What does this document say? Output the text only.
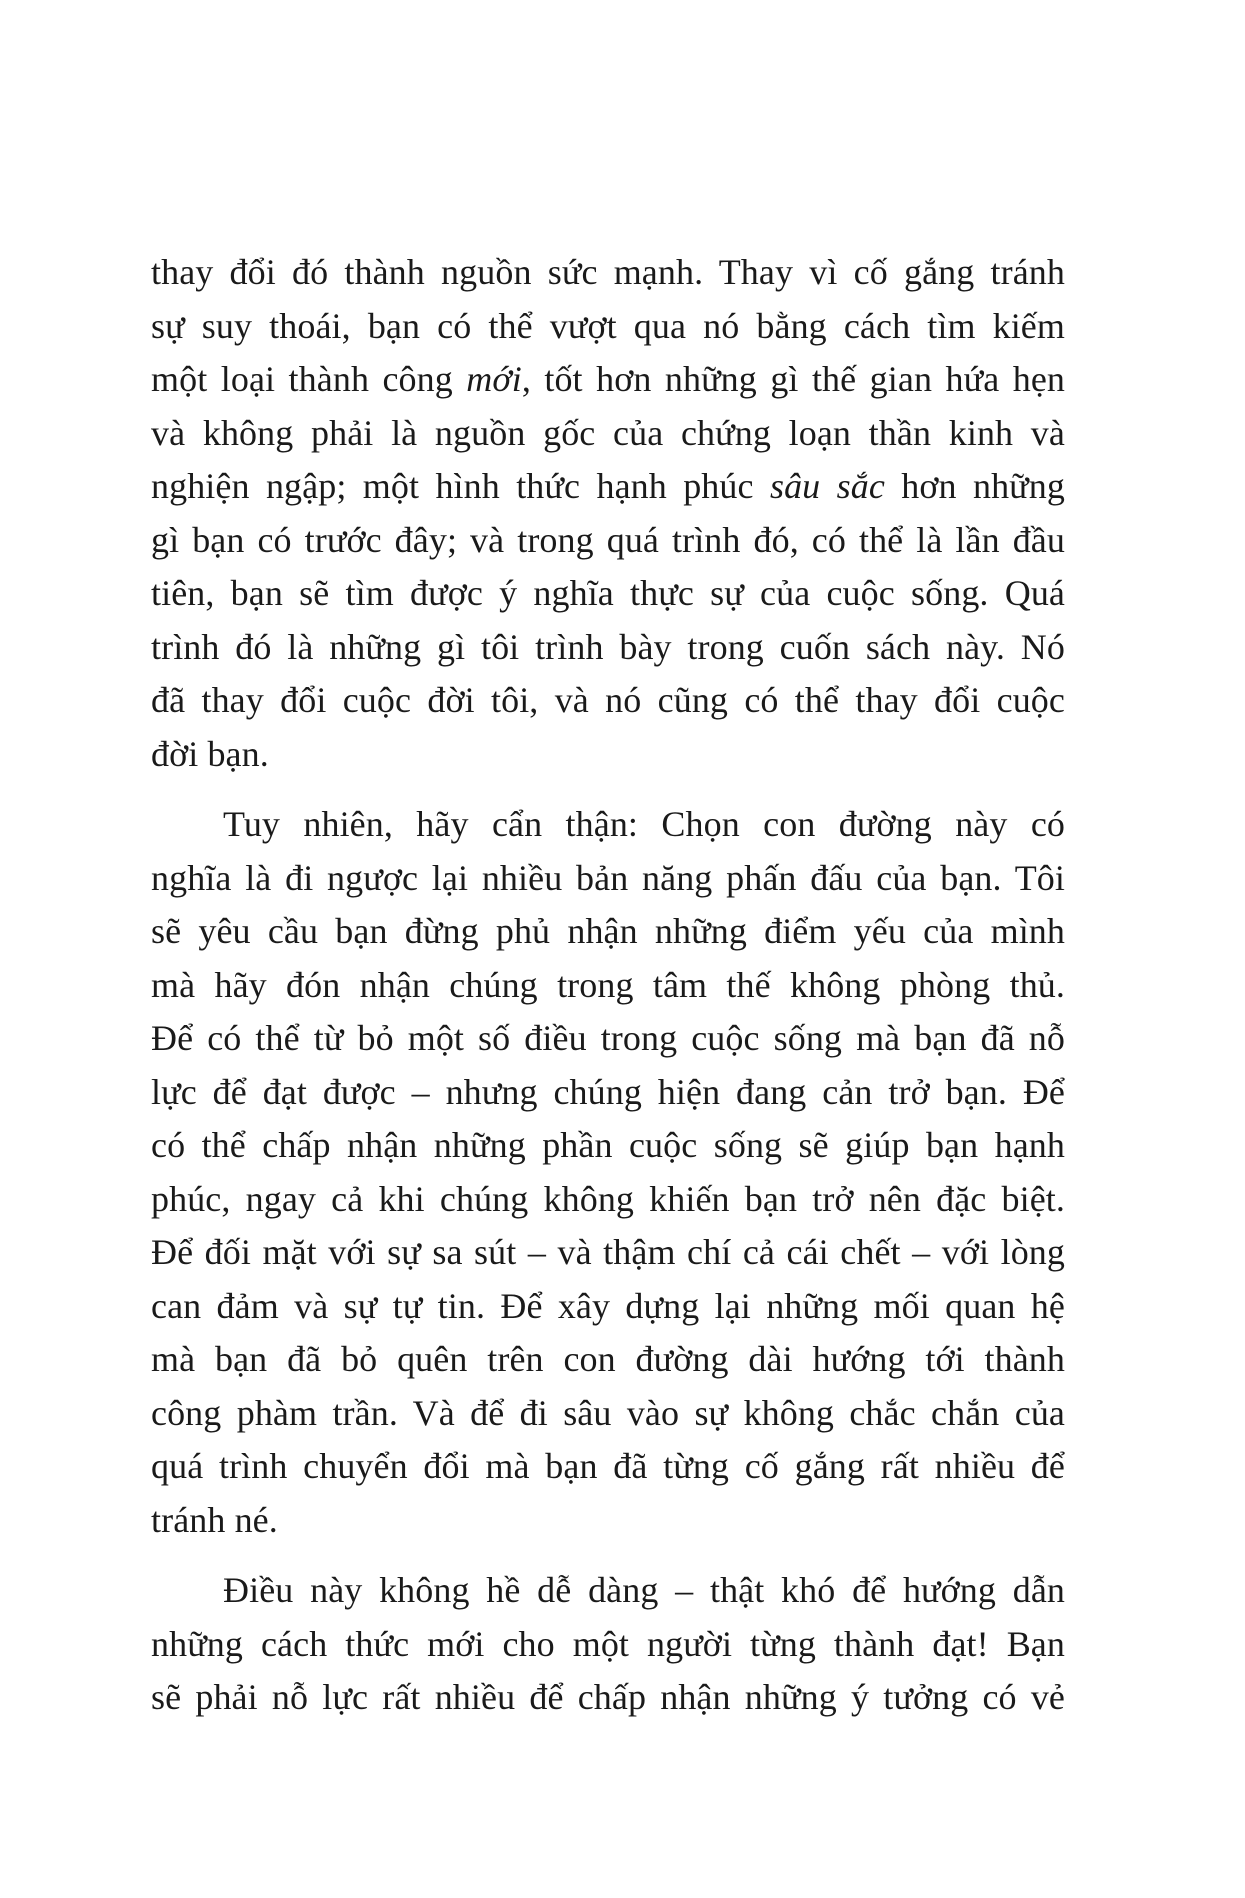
thay đổi đó thành nguồn sức mạnh. Thay vì cố gắng tránh
sự suy thoái, bạn có thể vượt qua nó bằng cách tìm kiếm
một loại thành công mới, tốt hơn những gì thế gian hứa hẹn
và không phải là nguồn gốc của chứng loạn thần kinh và
nghiện ngập; một hình thức hạnh phúc sâu sắc hơn những
gì bạn có trước đây; và trong quá trình đó, có thể là lần đầu
tiên, bạn sẽ tìm được ý nghĩa thực sự của cuộc sống. Quá
trình đó là những gì tôi trình bày trong cuốn sách này. Nó
đã thay đổi cuộc đời tôi, và nó cũng có thể thay đổi cuộc
đời bạn.
Tuy nhiên, hãy cẩn thận: Chọn con đường này có
nghĩa là đi ngược lại nhiều bản năng phấn đấu của bạn. Tôi
sẽ yêu cầu bạn đừng phủ nhận những điểm yếu của mình
mà hãy đón nhận chúng trong tâm thế không phòng thủ.
Để có thể từ bỏ một số điều trong cuộc sống mà bạn đã nỗ
lực để đạt được – nhưng chúng hiện đang cản trở bạn. Để
có thể chấp nhận những phần cuộc sống sẽ giúp bạn hạnh
phúc, ngay cả khi chúng không khiến bạn trở nên đặc biệt.
Để đối mặt với sự sa sút – và thậm chí cả cái chết – với lòng
can đảm và sự tự tin. Để xây dựng lại những mối quan hệ
mà bạn đã bỏ quên trên con đường dài hướng tới thành
công phàm trần. Và để đi sâu vào sự không chắc chắn của
quá trình chuyển đổi mà bạn đã từng cố gắng rất nhiều để
tránh né.
Điều này không hề dễ dàng – thật khó để hướng dẫn
những cách thức mới cho một người từng thành đạt! Bạn
sẽ phải nỗ lực rất nhiều để chấp nhận những ý tưởng có vẻ
